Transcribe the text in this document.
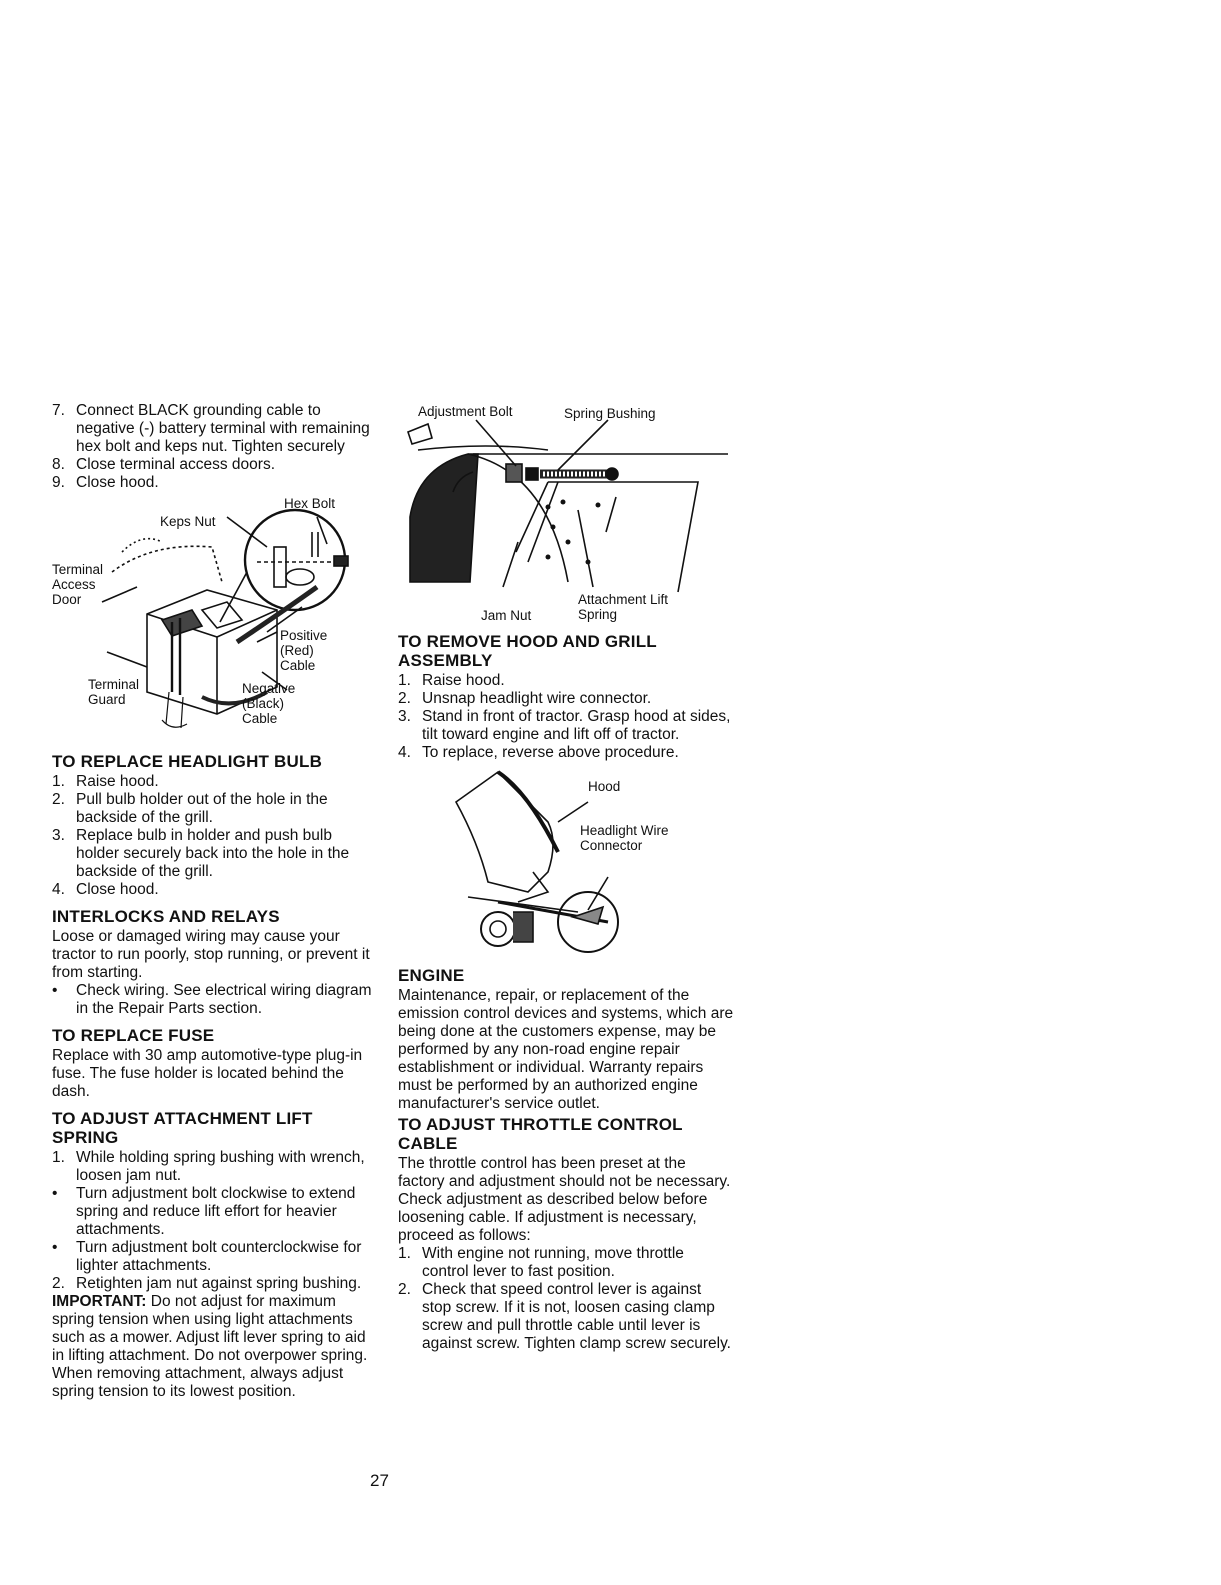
7. Connect BLACK grounding cable to negative (-) battery terminal with remaining hex bolt and keps nut. Tighten securely
8. Close terminal access doors.
9. Close hood.
Hex Bolt
Keps Nut
Terminal
Access
Door
Positive
(Red)
Cable
Terminal
Guard
Negative
(Black)
Cable
TO REPLACE HEADLIGHT BULB
1. Raise hood.
2. Pull bulb holder out of the hole in the backside of the grill.
3. Replace bulb in holder and push bulb holder securely back into the hole in the backside of the grill.
4. Close hood.
INTERLOCKS AND RELAYS

Loose or damaged wiring may cause your tractor to run poorly, stop running, or prevent it from starting.

•	Check wiring. See electrical wiring diagram in the Repair Parts section.
TO REPLACE FUSE

Replace with 30 amp automotive-type plug-in fuse. The fuse holder is located behind the dash.

TO ADJUST ATTACHMENT LIFT SPRING
1. While holding spring bushing with wrench, loosen jam nut.
•	Turn adjustment bolt clockwise to extend spring and reduce lift effort for heavier attachments.
•	Turn adjustment bolt counterclockwise for lighter attachments.
2. Retighten jam nut against spring bushing.

IMPORTANT: Do not adjust for maximum spring tension when using light attachments such as a mower. Adjust lift lever spring to aid in lifting attachment. Do not overpower spring. When removing attachment, always adjust spring tension to its lowest position.

Adjustment Bolt	Spring Bushing
Jam Nut
Attachment Lift
Spring
TO REMOVE HOOD AND GRILL ASSEMBLY
1. Raise hood.
2. Unsnap headlight wire connector.
3. Stand in front of tractor. Grasp hood at sides, tilt toward engine and lift off of tractor.
4. To replace, reverse above procedure.
Hood
Headlight Wire
Connector
ENGINE

Maintenance, repair, or replacement of the emission control devices and systems, which are being done at the customers expense, may be performed by any non-road engine repair establishment or individual. Warranty repairs must be performed by an authorized engine manufacturer's service outlet.

TO ADJUST THROTTLE CONTROL CABLE

The throttle control has been preset at the factory and adjustment should not be necessary. Check adjustment as described below before loosening cable. If adjustment is necessary, proceed as follows:

1. With engine not running, move throttle control lever to fast position.
2. Check that speed control lever is against stop screw. If it is not, loosen casing clamp screw and pull throttle cable until lever is against screw. Tighten clamp screw securely.
27
